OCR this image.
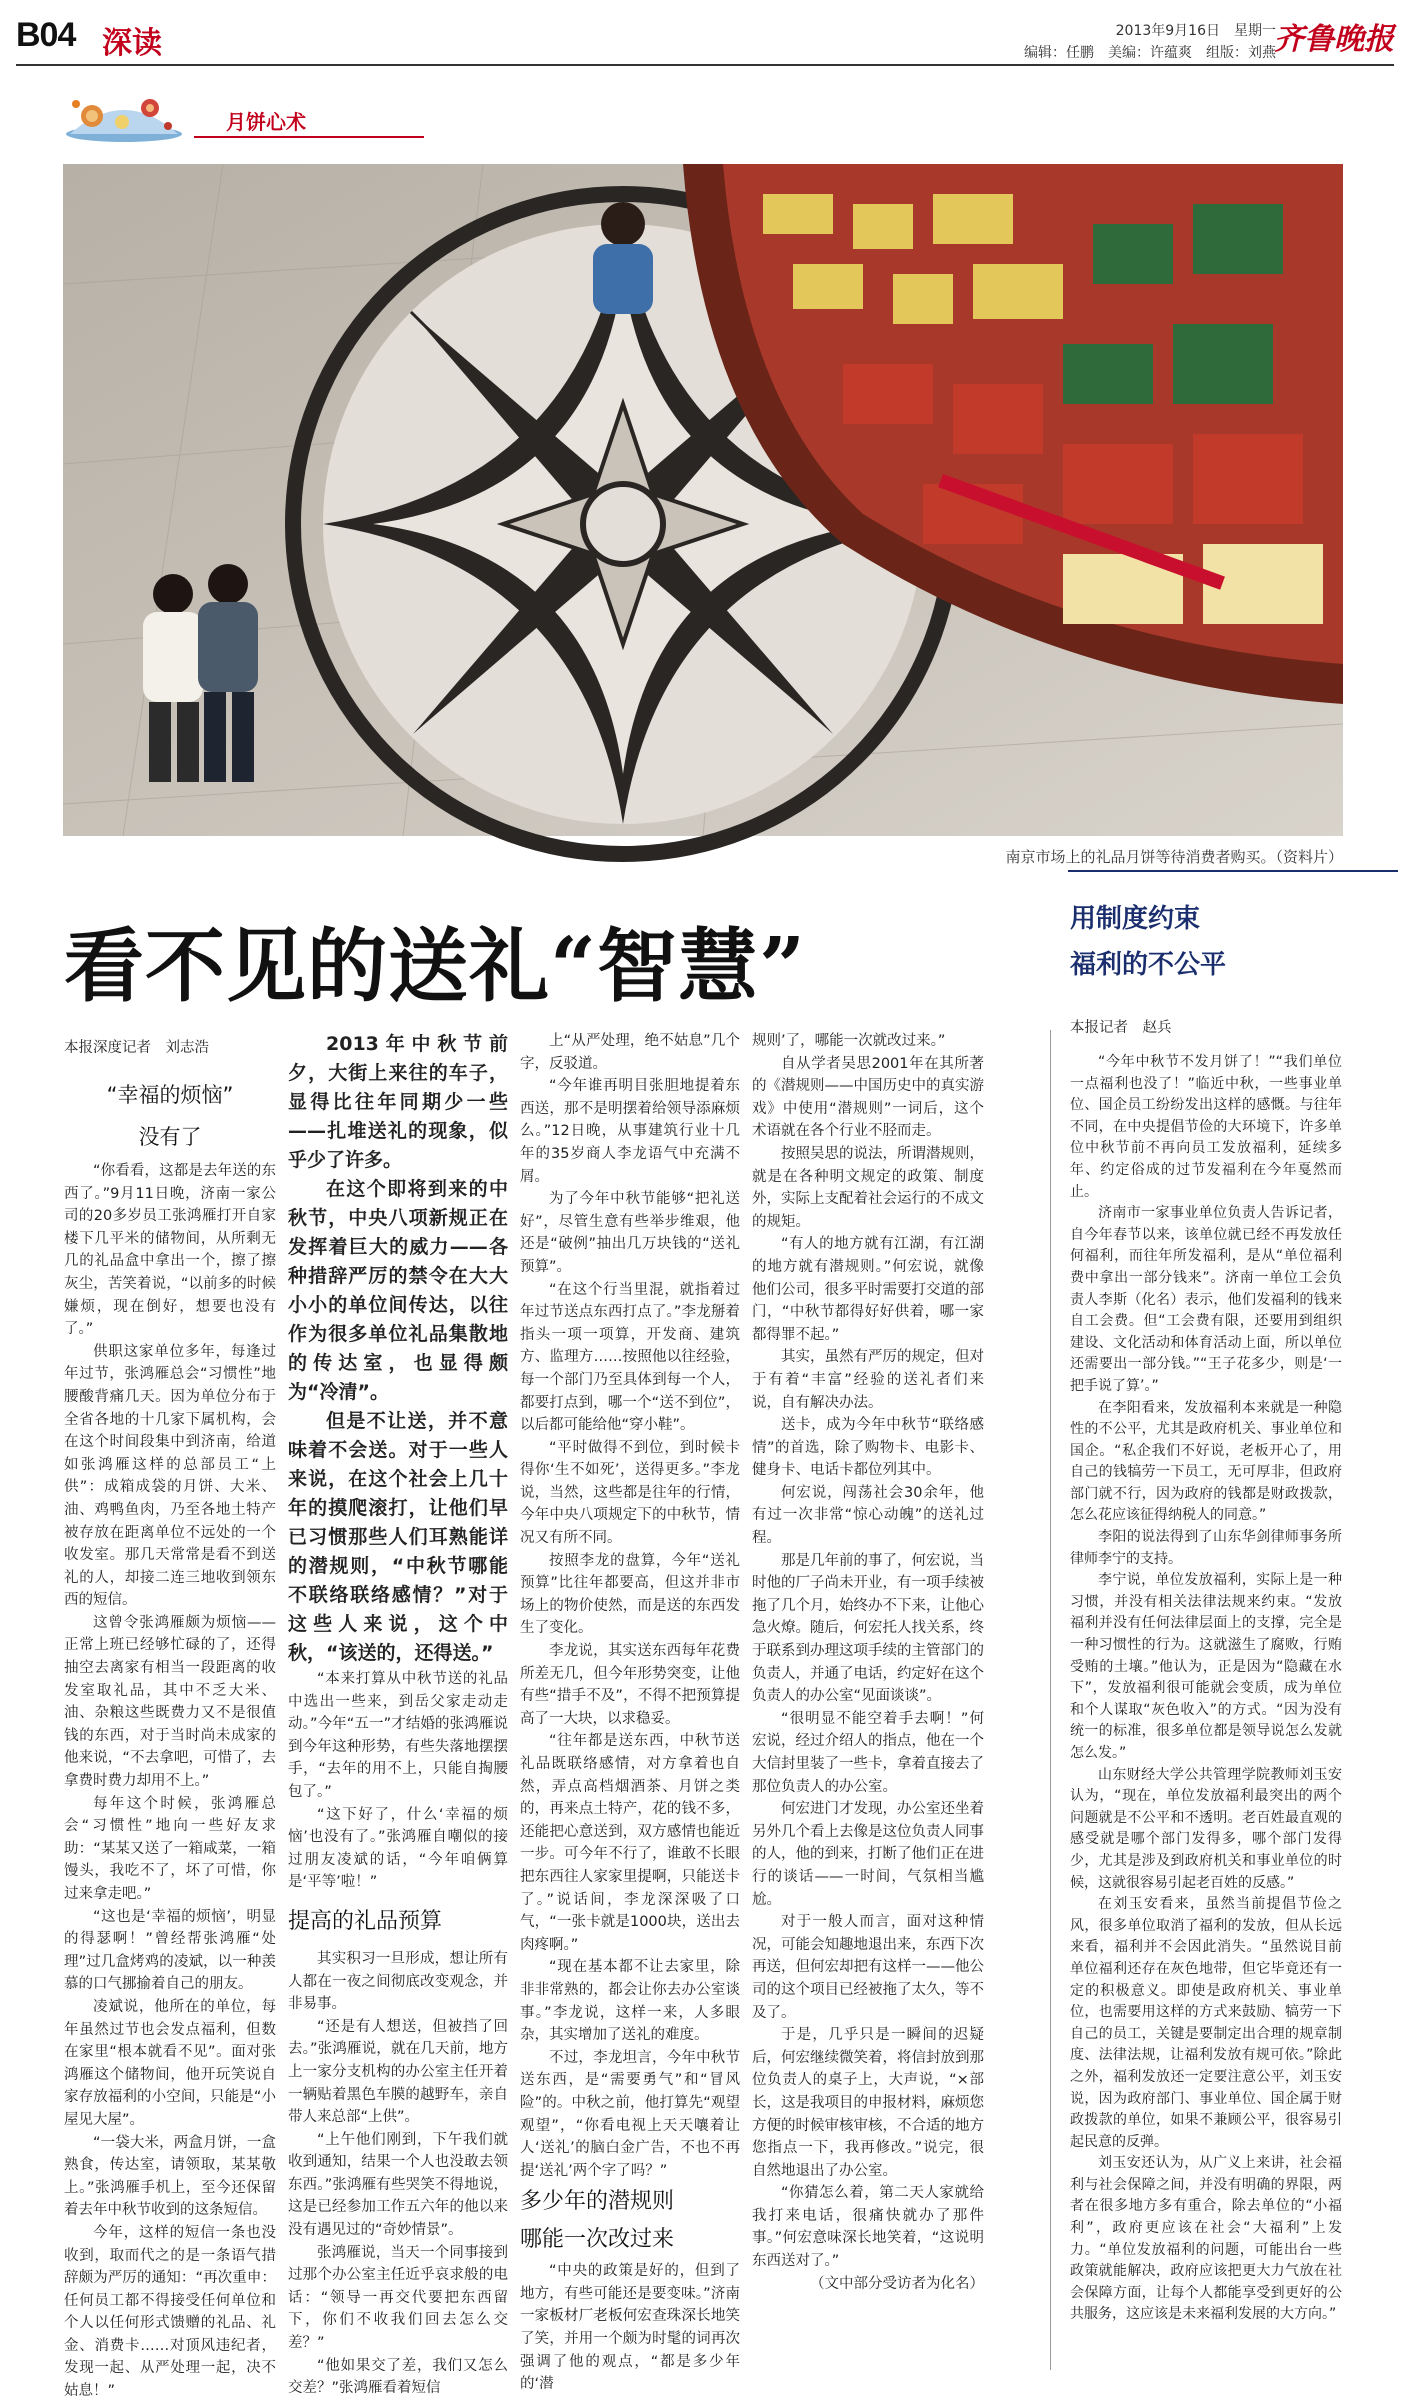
B04 深读	2013年9月16日　星期一
编辑：任鹏　美编：许蕴爽　组版：刘燕
齐鲁晚报
月饼心术
南京市场上的礼品月饼等待消费者购买。（资料片）
看不见的送礼“智慧”	用制度约束
福利的不公平
本报深度记者　刘志浩
本报记者　赵兵
“幸福的烦恼”
没有了

“你看看，这都是去年送的东西了。”9月11日晚，济南一家公司的20多岁员工张鸿雁打开自家楼下几平米的储物间，从所剩无几的礼品盒中拿出一个，擦了擦灰尘，苦笑着说，“以前多的时候嫌烦，现在倒好，想要也没有了。”

供职这家单位多年，每逢过年过节，张鸿雁总会“习惯性”地腰酸背痛几天。因为单位分布于全省各地的十几家下属机构，会在这个时间段集中到济南，给道如张鸿雁这样的总部员工“上供”：成箱成袋的月饼、大米、油、鸡鸭鱼肉，乃至各地土特产被存放在距离单位不远处的一个收发室。那几天常常是看不到送礼的人，却接二连三地收到领东西的短信。

这曾令张鸿雁颇为烦恼——正常上班已经够忙碌的了，还得抽空去离家有相当一段距离的收发室取礼品，其中不乏大米、油、杂粮这些既费力又不是很值钱的东西，对于当时尚未成家的他来说，“不去拿吧，可惜了，去拿费时费力却用不上。”

每年这个时候，张鸿雁总会“习惯性”地向一些好友求助：“某某又送了一箱咸菜，一箱馒头，我吃不了，坏了可惜，你过来拿走吧。”

“这也是‘幸福的烦恼’，明显的得瑟啊！”曾经帮张鸿雁“处理”过几盒烤鸡的凌斌，以一种羡慕的口气挪揄着自己的朋友。

凌斌说，他所在的单位，每年虽然过节也会发点福利，但数在家里“根本就看不见”。面对张鸿雁这个储物间，他开玩笑说自家存放福利的小空间，只能是“小屋见大屋”。

“一袋大米，两盒月饼，一盒熟食，传达室，请领取，某某敬上。”张鸿雁手机上，至今还保留着去年中秋节收到的这条短信。

今年，这样的短信一条也没收到，取而代之的是一条语气措辞颇为严厉的通知：“再次重申：任何员工都不得接受任何单位和个人以任何形式馈赠的礼品、礼金、消费卡……对顶风违纪者，发现一起、从严处理一起，决不姑息！”

2013年中秋节前夕，大街上来往的车子，显得比往年同期少一些——扎堆送礼的现象，似乎少了许多。

在这个即将到来的中秋节，中央八项新规正在发挥着巨大的威力——各种措辞严厉的禁令在大大小小的单位间传达，以往作为很多单位礼品集散地的传达室，也显得颇为“冷清”。

但是不让送，并不意味着不会送。对于一些人来说，在这个社会上几十年的摸爬滚打，让他们早已习惯那些人们耳熟能详的潜规则，“中秋节哪能不联络联络感情？”对于这些人来说，这个中秋，“该送的，还得送。”

“本来打算从中秋节送的礼品中选出一些来，到岳父家走动走动。”今年“五一”才结婚的张鸿雁说到今年这种形势，有些失落地摆摆手，“去年的用不上，只能自掏腰包了。”

“这下好了，什么‘幸福的烦恼’也没有了。”张鸿雁自嘲似的接过朋友凌斌的话，“今年咱俩算是‘平等’啦！”

提高的礼品预算

其实积习一旦形成，想让所有人都在一夜之间彻底改变观念，并非易事。

“还是有人想送，但被挡了回去。”张鸿雁说，就在几天前，地方上一家分支机构的办公室主任开着一辆贴着黑色车膜的越野车，亲自带人来总部“上供”。

“上午他们刚到，下午我们就收到通知，结果一个人也没敢去领东西。”张鸿雁有些哭笑不得地说，这是已经参加工作五六年的他以来没有遇见过的“奇妙情景”。

张鸿雁说，当天一个同事接到过那个办公室主任近乎哀求般的电话：“领导一再交代要把东西留下，你们不收我们回去怎么交差？”

“他如果交了差，我们又怎么交差？”张鸿雁看着短信

上“从严处理，绝不姑息”几个字，反驳道。

“今年谁再明目张胆地提着东西送，那不是明摆着给领导添麻烦么。”12日晚，从事建筑行业十几年的35岁商人李龙语气中充满不屑。

为了今年中秋节能够“把礼送好”，尽管生意有些举步维艰，他还是“破例”抽出几万块钱的“送礼预算”。

“在这个行当里混，就指着过年过节送点东西打点了。”李龙掰着指头一项一项算，开发商、建筑方、监理方……按照他以往经验，每一个部门乃至具体到每一个人，都要打点到，哪一个“送不到位”，以后都可能给他“穿小鞋”。

“平时做得不到位，到时候卡得你‘生不如死’，送得更多。”李龙说，当然，这些都是往年的行情，今年中央八项规定下的中秋节，情况又有所不同。

按照李龙的盘算，今年“送礼预算”比往年都要高，但这并非市场上的物价使然，而是送的东西发生了变化。

李龙说，其实送东西每年花费所差无几，但今年形势突变，让他有些“措手不及”，不得不把预算提高了一大块，以求稳妥。

“往年都是送东西，中秋节送礼品既联络感情，对方拿着也自然，弄点高档烟酒茶、月饼之类的，再来点土特产，花的钱不多，还能把心意送到，双方感情也能近一步。可今年不行了，谁敢不长眼把东西往人家家里提啊，只能送卡了。”说话间，李龙深深吸了口气，“一张卡就是1000块，送出去肉疼啊。”

“现在基本都不让去家里，除非非常熟的，都会让你去办公室谈事。”李龙说，这样一来，人多眼杂，其实增加了送礼的难度。

不过，李龙坦言，今年中秋节送东西，是“需要勇气”和“冒风险”的。中秋之前，他打算先“观望观望”，“你看电视上天天嚷着让人‘送礼’的脑白金广告，不也不再提‘送礼’两个字了吗？”

多少年的潜规则
哪能一次改过来

“中央的政策是好的，但到了地方，有些可能还是要变味。”济南一家板材厂老板何宏查珠深长地笑了笑，并用一个颇为时髦的词再次强调了他的观点，“都是多少年的‘潜

规则’了，哪能一次就改过来。”

自从学者吴思2001年在其所著的《潜规则——中国历史中的真实游戏》中使用“潜规则”一词后，这个术语就在各个行业不胫而走。

按照吴思的说法，所谓潜规则，就是在各种明文规定的政策、制度外，实际上支配着社会运行的不成文的规矩。

“有人的地方就有江湖，有江湖的地方就有潜规则。”何宏说，就像他们公司，很多平时需要打交道的部门，“中秋节都得好好供着，哪一家都得罪不起。”

其实，虽然有严厉的规定，但对于有着“丰富”经验的送礼者们来说，自有解决办法。

送卡，成为今年中秋节“联络感情”的首选，除了购物卡、电影卡、健身卡、电话卡都位列其中。

何宏说，闯荡社会30余年，他有过一次非常“惊心动魄”的送礼过程。

那是几年前的事了，何宏说，当时他的厂子尚未开业，有一项手续被拖了几个月，始终办不下来，让他心急火燎。随后，何宏托人找关系，终于联系到办理这项手续的主管部门的负责人，并通了电话，约定好在这个负责人的办公室“见面谈谈”。

“很明显不能空着手去啊！”何宏说，经过介绍人的指点，他在一个大信封里装了一些卡，拿着直接去了那位负责人的办公室。

何宏进门才发现，办公室还坐着另外几个看上去像是这位负责人同事的人，他的到来，打断了他们正在进行的谈话——一时间，气氛相当尴尬。

对于一般人而言，面对这种情况，可能会知趣地退出来，东西下次再送，但何宏却把有这样一——他公司的这个项目已经被拖了太久，等不及了。

于是，几乎只是一瞬间的迟疑后，何宏继续微笑着，将信封放到那位负责人的桌子上，大声说，“×部长，这是我项目的申报材料，麻烦您方便的时候审核审核，不合适的地方您指点一下，我再修改。”说完，很自然地退出了办公室。

“你猜怎么着，第二天人家就给我打来电话，很痛快就办了那件事。”何宏意味深长地笑着，“这说明东西送对了。”

（文中部分受访者为化名）

“今年中秋节不发月饼了！”“我们单位一点福利也没了！”临近中秋，一些事业单位、国企员工纷纷发出这样的感慨。与往年不同，在中央提倡节俭的大环境下，许多单位中秋节前不再向员工发放福利，延续多年、约定俗成的过节发福利在今年戛然而止。

济南市一家事业单位负责人告诉记者，自今年春节以来，该单位就已经不再发放任何福利，而往年所发福利，是从“单位福利费中拿出一部分钱来”。济南一单位工会负责人李斯（化名）表示，他们发福利的钱来自工会费。但“工会费有限，还要用到组织建设、文化活动和体育活动上面，所以单位还需要出一部分钱。”“王子花多少，则是‘一把手说了算’。”

在李阳看来，发放福利本来就是一种隐性的不公平，尤其是政府机关、事业单位和国企。“私企我们不好说，老板开心了，用自己的钱犒劳一下员工，无可厚非，但政府部门就不行，因为政府的钱都是财政拨款，怎么花应该征得纳税人的同意。”

李阳的说法得到了山东华剑律师事务所律师李宁的支持。

李宁说，单位发放福利，实际上是一种习惯，并没有相关法律法规来约束。“发放福利并没有任何法律层面上的支撑，完全是一种习惯性的行为。这就滋生了腐败，行贿受贿的土壤。”他认为，正是因为“隐藏在水下”，发放福利很可能就会变质，成为单位和个人谋取“灰色收入”的方式。“因为没有统一的标准，很多单位都是领导说怎么发就怎么发。”

山东财经大学公共管理学院教师刘玉安认为，“现在，单位发放福利最突出的两个问题就是不公平和不透明。老百姓最直观的感受就是哪个部门发得多，哪个部门发得少，尤其是涉及到政府机关和事业单位的时候，这就很容易引起老百姓的反感。”

在刘玉安看来，虽然当前提倡节俭之风，很多单位取消了福利的发放，但从长远来看，福利并不会因此消失。“虽然说目前单位福利还存在灰色地带，但它毕竟还有一定的积极意义。即使是政府机关、事业单位，也需要用这样的方式来鼓励、犒劳一下自己的员工，关键是要制定出合理的规章制度、法律法规，让福利发放有规可依。”除此之外，福利发放还一定要注意公平，刘玉安说，因为政府部门、事业单位、国企属于财政拨款的单位，如果不兼顾公平，很容易引起民意的反弹。

刘玉安还认为，从广义上来讲，社会福利与社会保障之间，并没有明确的界限，两者在很多地方多有重合，除去单位的“小福利”，政府更应该在社会“大福利”上发力。“单位发放福利的问题，可能出台一些政策就能解决，政府应该把更大力气放在社会保障方面，让每个人都能享受到更好的公共服务，这应该是未来福利发展的大方向。”
